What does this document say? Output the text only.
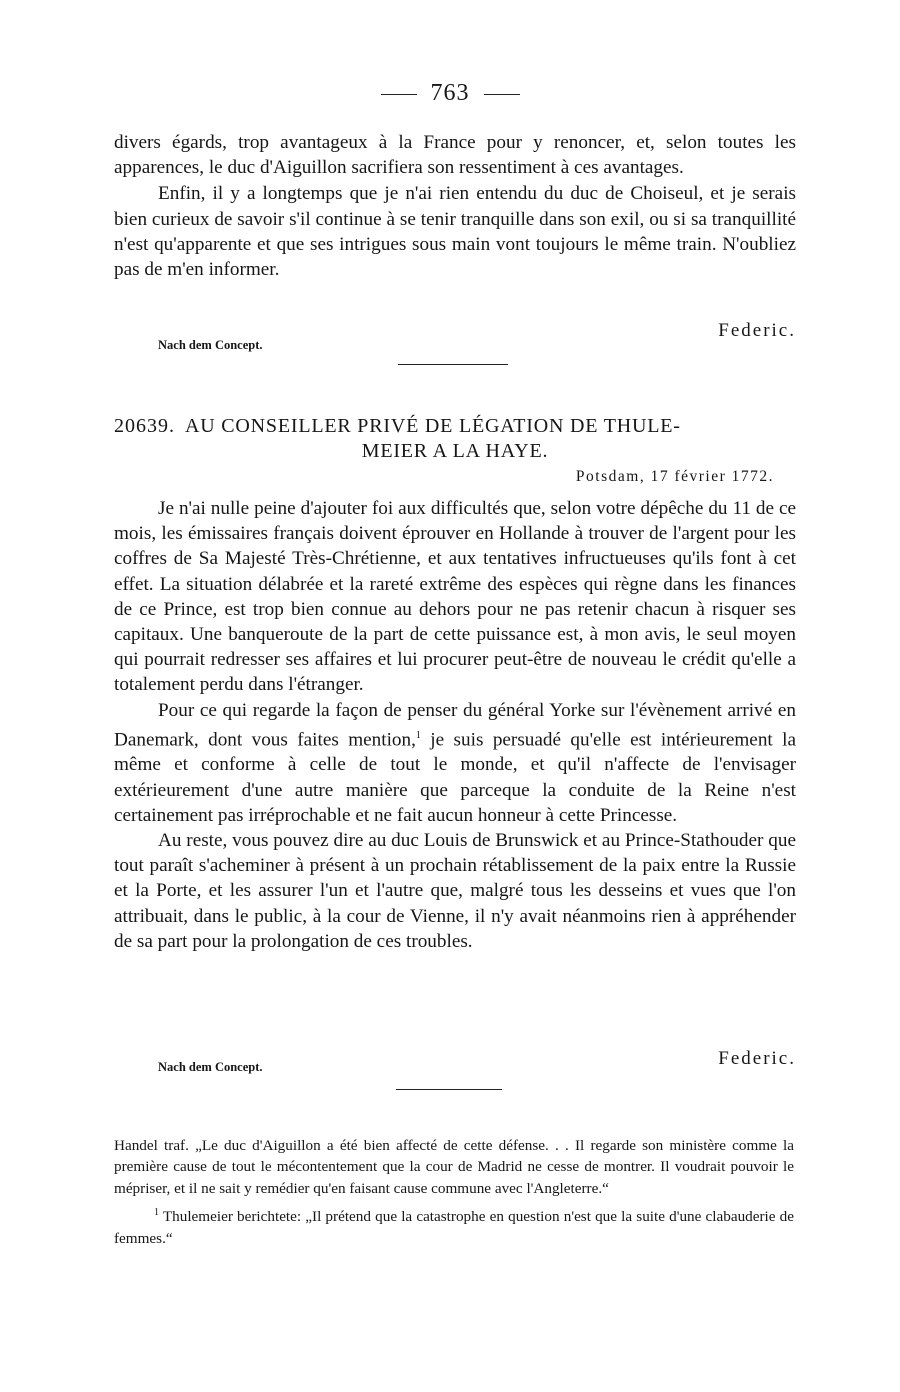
763

divers égards, trop avantageux à la France pour y renoncer, et, selon toutes les apparences, le duc d'Aiguillon sacrifiera son ressentiment à ces avantages.

Enfin, il y a longtemps que je n'ai rien entendu du duc de Choiseul, et je serais bien curieux de savoir s'il continue à se tenir tranquille dans son exil, ou si sa tranquillité n'est qu'apparente et que ses intrigues sous main vont toujours le même train. N'oubliez pas de m'en informer.

Federic.
Nach dem Concept.
20639. AU CONSEILLER PRIVÉ DE LÉGATION DE THULE-
MEIER A LA HAYE.
Potsdam, 17 février 1772.

Je n'ai nulle peine d'ajouter foi aux difficultés que, selon votre dépêche du 11 de ce mois, les émissaires français doivent éprouver en Hollande à trouver de l'argent pour les coffres de Sa Majesté Très-Chrétienne, et aux tentatives infructueuses qu'ils font à cet effet. La situation délabrée et la rareté extrême des espèces qui règne dans les finances de ce Prince, est trop bien connue au dehors pour ne pas retenir chacun à risquer ses capitaux. Une banqueroute de la part de cette puissance est, à mon avis, le seul moyen qui pourrait redresser ses affaires et lui procurer peut-être de nouveau le crédit qu'elle a totalement perdu dans l'étranger.

Pour ce qui regarde la façon de penser du général Yorke sur l'évènement arrivé en Danemark, dont vous faites mention,$^1$ je suis persuadé qu'elle est intérieurement la même et conforme à celle de tout le monde, et qu'il n'affecte de l'envisager extérieurement d'une autre manière que parceque la conduite de la Reine n'est certainement pas irréprochable et ne fait aucun honneur à cette Princesse.

Au reste, vous pouvez dire au duc Louis de Brunswick et au Prince-Stathouder que tout paraît s'acheminer à présent à un prochain rétablissement de la paix entre la Russie et la Porte, et les assurer l'un et l'autre que, malgré tous les desseins et vues que l'on attribuait, dans le public, à la cour de Vienne, il n'y avait néanmoins rien à appréhender de sa part pour la prolongation de ces troubles.

Federic.
Nach dem Concept.

Handel traf. „Le duc d'Aiguillon a été bien affecté de cette défense. . . Il regarde son ministère comme la première cause de tout le mécontentement que la cour de Madrid ne cesse de montrer. Il voudrait pouvoir le mépriser, et il ne sait y remédier qu'en faisant cause commune avec l'Angleterre.“

$^1$ Thulemeier berichtete: „Il prétend que la catastrophe en question n'est que la suite d'une clabauderie de femmes.“
